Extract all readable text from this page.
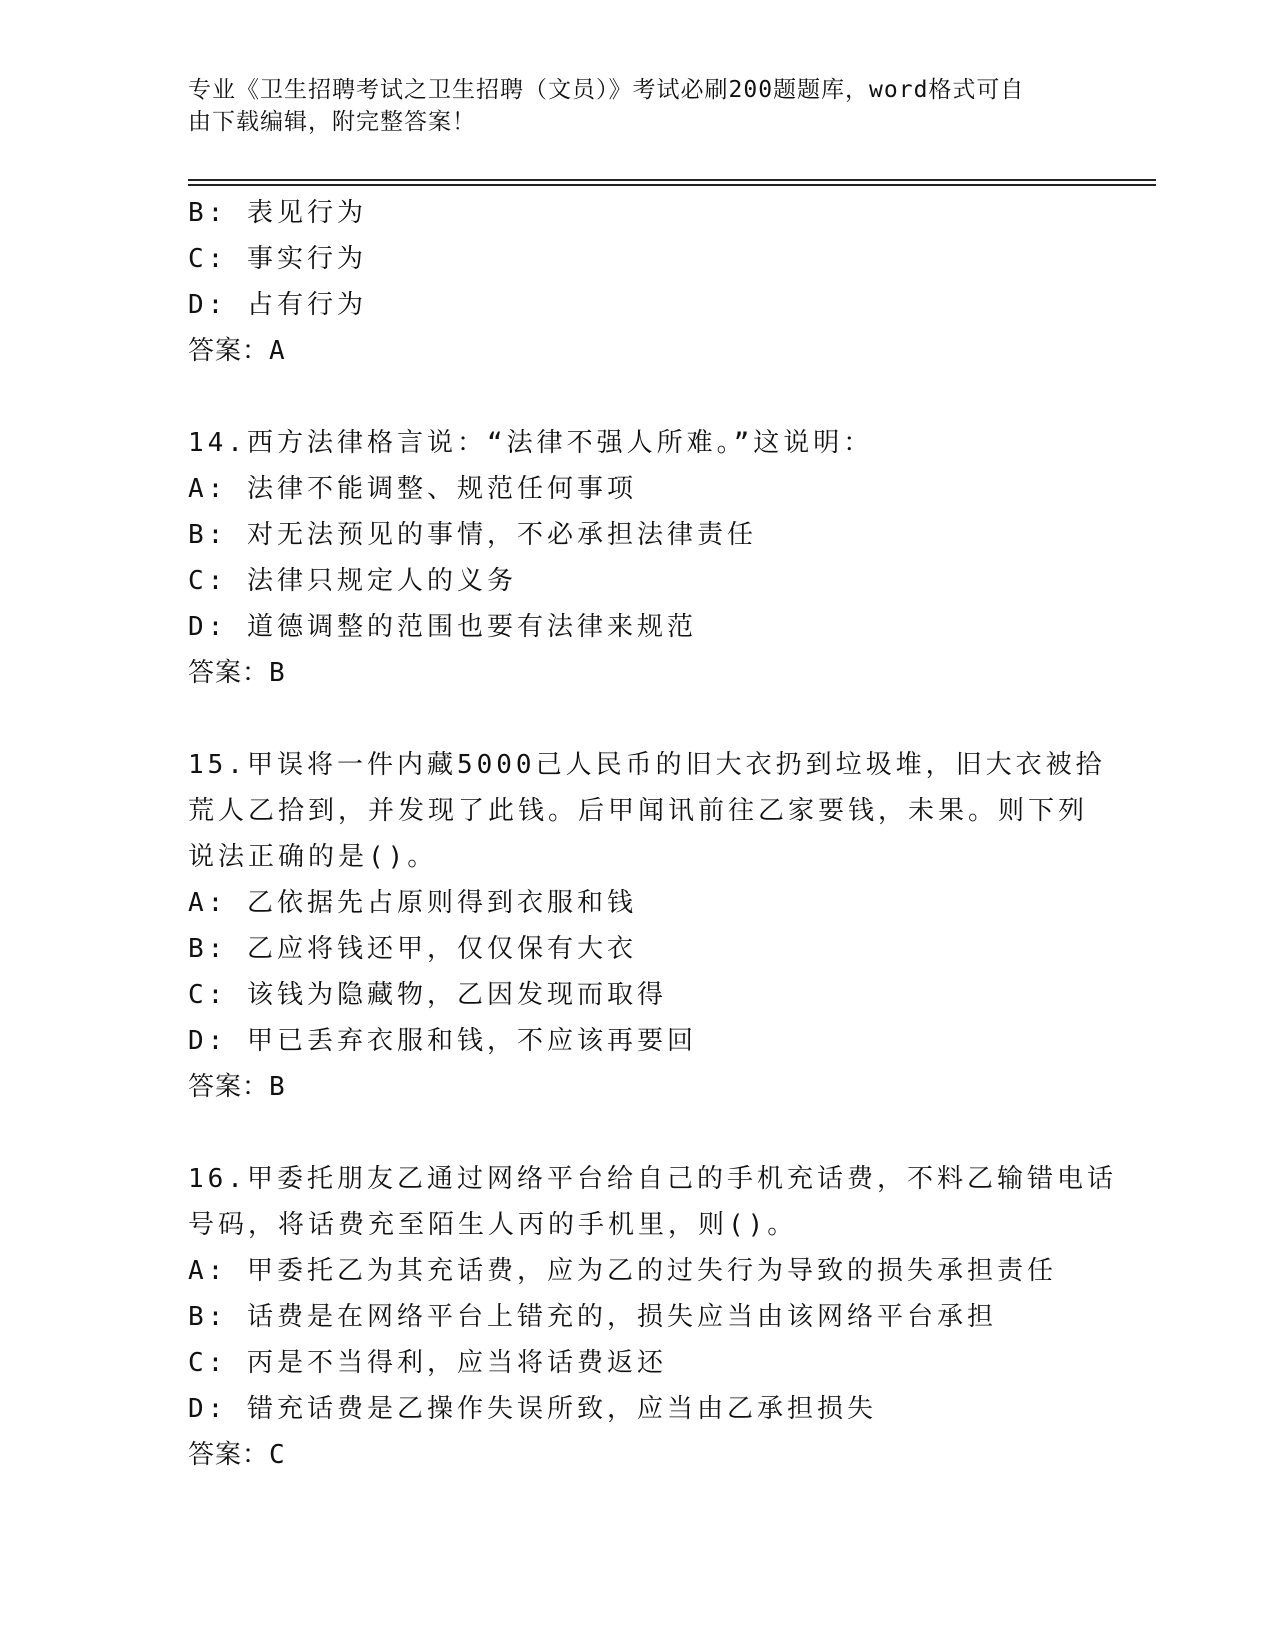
专业《卫生招聘考试之卫生招聘（文员）》考试必刷200题题库，word格式可自
由下载编辑，附完整答案！
B: 表见行为
C: 事实行为
D: 占有行为
答案：A
14.西方法律格言说：“法律不强人所难。”这说明：
A: 法律不能调整、规范任何事项
B: 对无法预见的事情，不必承担法律责任
C: 法律只规定人的义务
D: 道德调整的范围也要有法律来规范
答案：B
15.甲误将一件内藏5000己人民币的旧大衣扔到垃圾堆，旧大衣被拾
荒人乙拾到，并发现了此钱。后甲闻讯前往乙家要钱，未果。则下列
说法正确的是()。
A: 乙依据先占原则得到衣服和钱
B: 乙应将钱还甲，仅仅保有大衣
C: 该钱为隐藏物，乙因发现而取得
D: 甲已丢弃衣服和钱，不应该再要回
答案：B
16.甲委托朋友乙通过网络平台给自己的手机充话费，不料乙输错电话
号码，将话费充至陌生人丙的手机里，则()。
A: 甲委托乙为其充话费，应为乙的过失行为导致的损失承担责任
B: 话费是在网络平台上错充的，损失应当由该网络平台承担
C: 丙是不当得利，应当将话费返还
D: 错充话费是乙操作失误所致，应当由乙承担损失
答案：C
